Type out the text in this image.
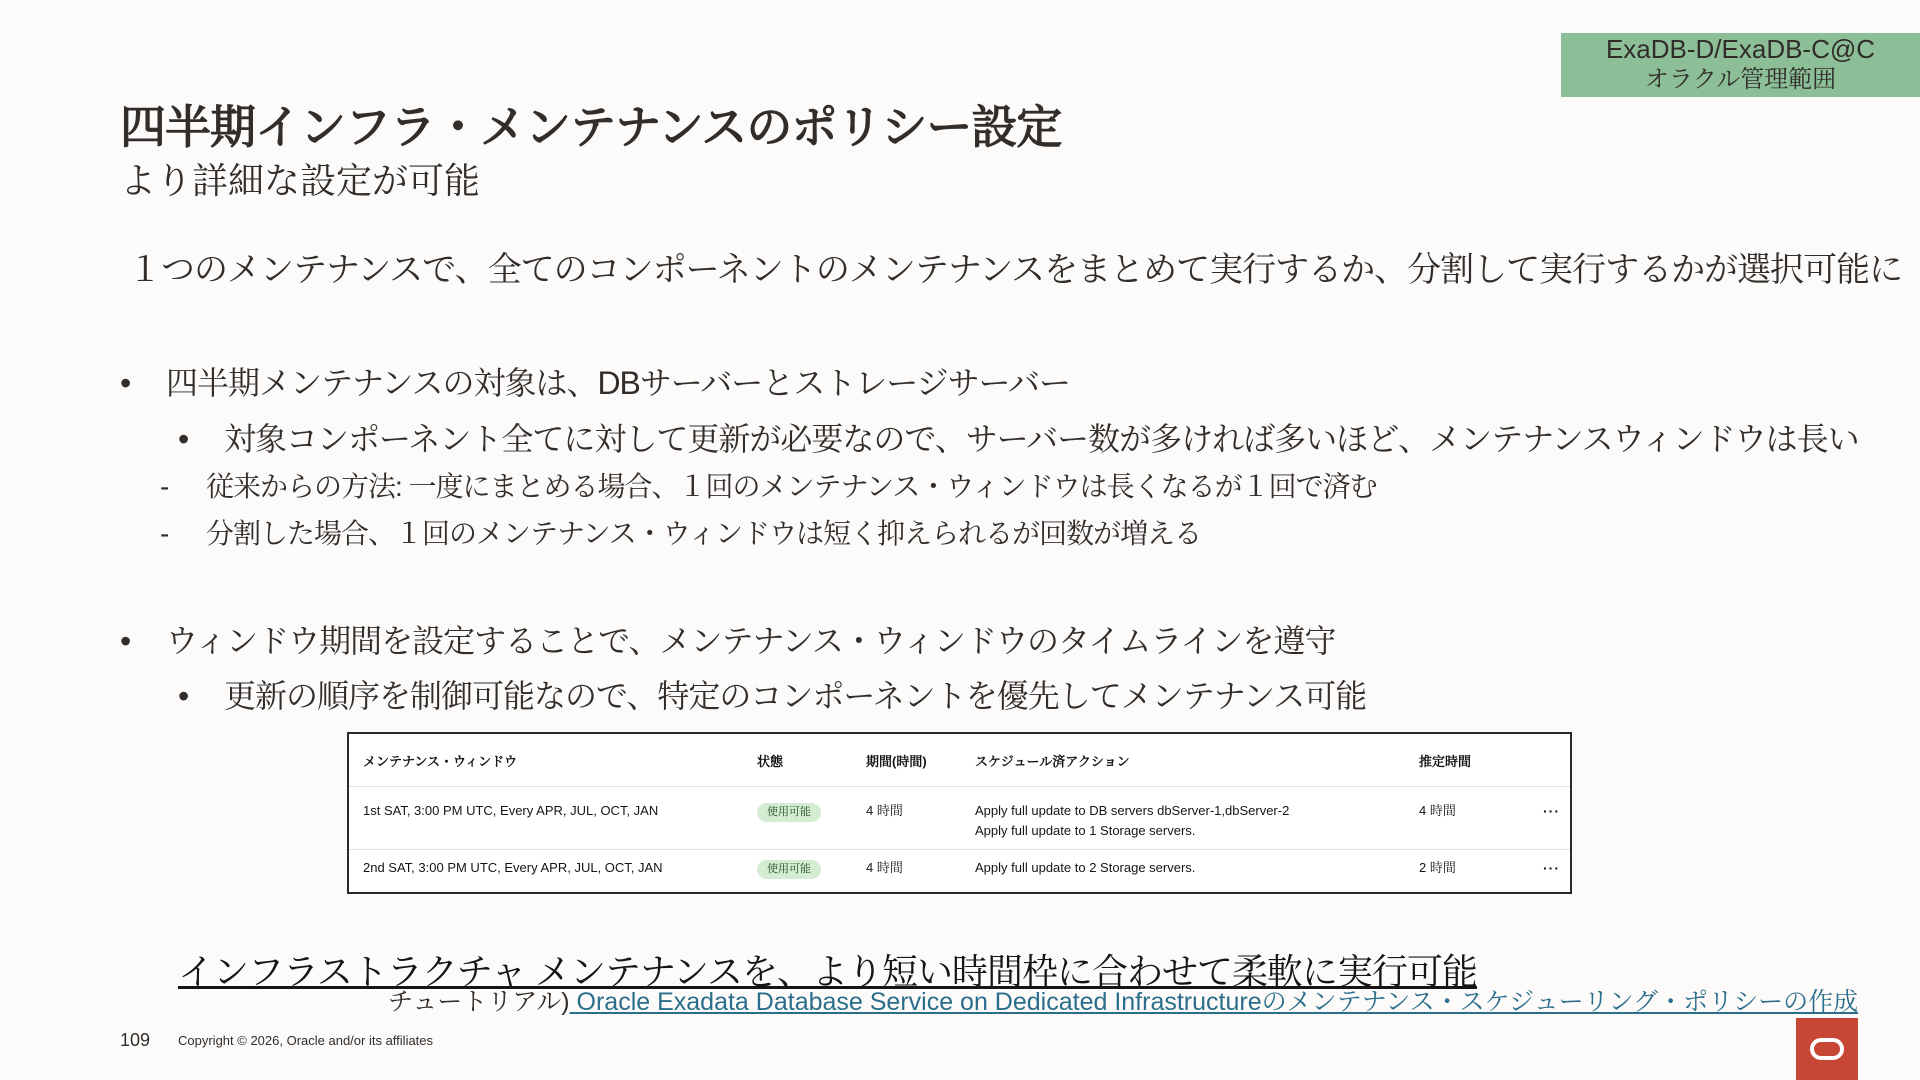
ExaDB-D/ExaDB-C@C
オラクル管理範囲
四半期インフラ・メンテナンスのポリシー設定
より詳細な設定が可能

１つのメンテナンスで、全てのコンポーネントのメンテナンスをまとめて実行するか、分割して実行するかが選択可能に

• 四半期メンテナンスの対象は、DBサーバーとストレージサーバー

• 対象コンポーネント全てに対して更新が必要なので、サーバー数が多ければ多いほど、メンテナンスウィンドウは長い

- 従来からの方法: 一度にまとめる場合、１回のメンテナンス・ウィンドウは長くなるが１回で済む

- 分割した場合、１回のメンテナンス・ウィンドウは短く抑えられるが回数が増える

• ウィンドウ期間を設定することで、メンテナンス・ウィンドウのタイムラインを遵守

• 更新の順序を制御可能なので、特定のコンポーネントを優先してメンテナンス可能

メンテナンス・ウィンドウ	状態	期間(時間)	スケジュール済アクション	推定時間	
1st SAT, 3:00 PM UTC, Every APR, JUL, OCT, JAN	使用可能	4 時間	Apply full update to DB servers dbServer-1,dbServer-2
Apply full update to 1 Storage servers.	4 時間	···
2nd SAT, 3:00 PM UTC, Every APR, JUL, OCT, JAN	使用可能	4 時間	Apply full update to 2 Storage servers.	2 時間	···

インフラストラクチャ メンテナンスを、より短い時間枠に合わせて柔軟に実行可能

チュートリアル) Oracle Exadata Database Service on Dedicated Infrastructureのメンテナンス・スケジューリング・ポリシーの作成

109 Copyright © 2026, Oracle and/or its affiliates
